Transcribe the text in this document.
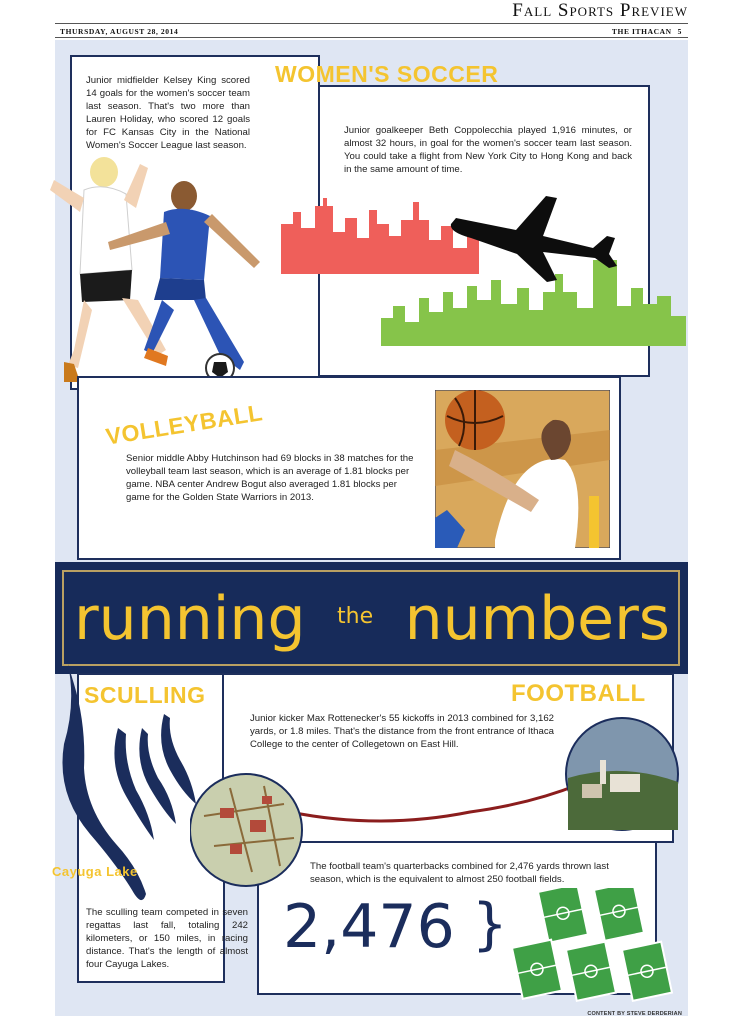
Fall Sports Preview
THURSDAY, AUGUST 28, 2014	THE ITHACAN 5
Junior midfielder Kelsey King scored 14 goals for the women's soccer team last season. That's two more than Lauren Holiday, who scored 12 goals for FC Kansas City in the National Women's Soccer League last season.
WOMEN'S SOCCER
Junior goalkeeper Beth Coppolecchia played 1,916 minutes, or almost 32 hours, in goal for the women's soccer team last season. You could take a flight from New York City to Hong Kong and back in the same amount of time.
VOLLEYBALL
Senior middle Abby Hutchinson had 69 blocks in 38 matches for the volleyball team last season, which is an average of 1.81 blocks per game. NBA center Andrew Bogut also averaged 1.81 blocks per game for the Golden State Warriors in 2013.
running the numbers
SCULLING	FOOTBALL
Cayuga Lake
The sculling team competed in seven regattas last fall, totaling 242 kilometers, or 150 miles, in racing distance. That's the length of almost four Cayuga Lakes.
Junior kicker Max Rottenecker's 55 kickoffs in 2013 combined for 3,162 yards, or 1.8 miles. That's the distance from the front entrance of Ithaca College to the center of Collegetown on East Hill.
The football team's quarterbacks combined for 2,476 yards thrown last season, which is the equivalent to almost 250 football fields.
2,476 }
CONTENT BY STEVE DERDERIAN
